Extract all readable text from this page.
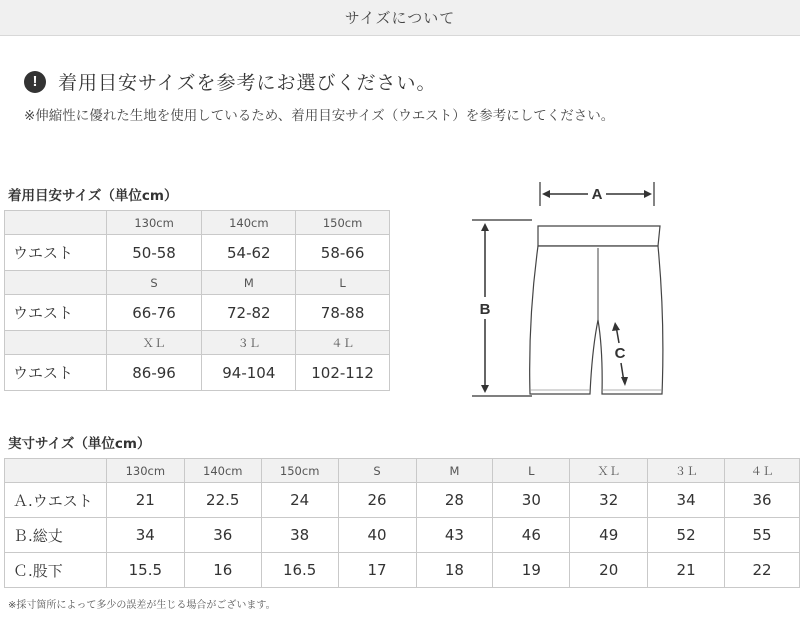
サイズについて
!	着用目安サイズを参考にお選びください。
※伸縮性に優れた生地を使用しているため、着用目安サイズ（ウエスト）を参考にしてください。
着用目安サイズ（単位cm）
	130cm	140cm	150cm
ウエスト	50-58	54-62	58-66
	S	M	L
ウエスト	66-76	72-82	78-88
	ＸＬ	３Ｌ	４Ｌ
ウエスト	86-96	94-104	102-112
A
B
C
実寸サイズ（単位cm）
	130cm	140cm	150cm	S	M	L	ＸＬ	３Ｌ	４Ｌ
Ａ.ウエスト	21	22.5	24	26	28	30	32	34	36
Ｂ.総丈	34	36	38	40	43	46	49	52	55
Ｃ.股下	15.5	16	16.5	17	18	19	20	21	22
※採寸箇所によって多少の誤差が生じる場合がございます。
